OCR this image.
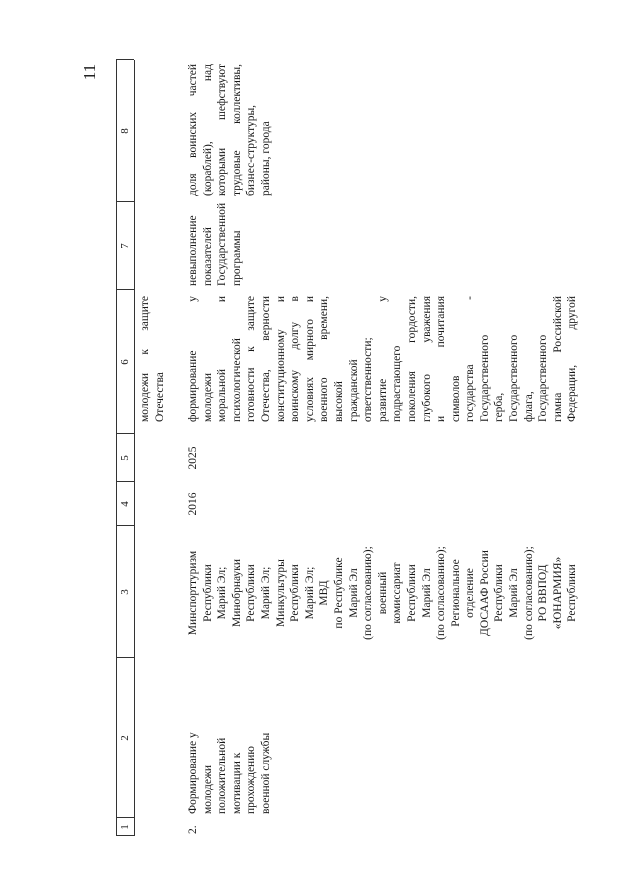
11
1
2
3
4
5
6
7
8
молодежи к защите Отечества
2.
Формирование у молодежи положительной мотивации к прохождению военной службы
Минспорттуризм Республики Марий Эл; Минобрнауки Республики Марий Эл; Минкультуры Республики Марий Эл; МВД по Республике Марий Эл (по согласованию); военный комиссариат Республики Марий Эл (по согласованию); Региональное отделение ДОСААФ России Республики Марий Эл (по согласованию); РО ВВПОД «ЮНАРМИЯ» Республики
2016
2025
формирование у молодежи моральной и психологической готовности к защите Отечества, верности конституционному и воинскому долгу в условиях мирного и военного времени, высокой гражданской ответственности; развитие у подрастающего поколения гордости, глубокого уважения и почитания символов государства - Государственного герба, Государственного флага, Государственного гимна Российской Федерации, другой
невыполнение показателей Государственной программы
доля воинских частей (кораблей), над которыми шефствуют трудовые коллективы, бизнес-структуры, районы, города
